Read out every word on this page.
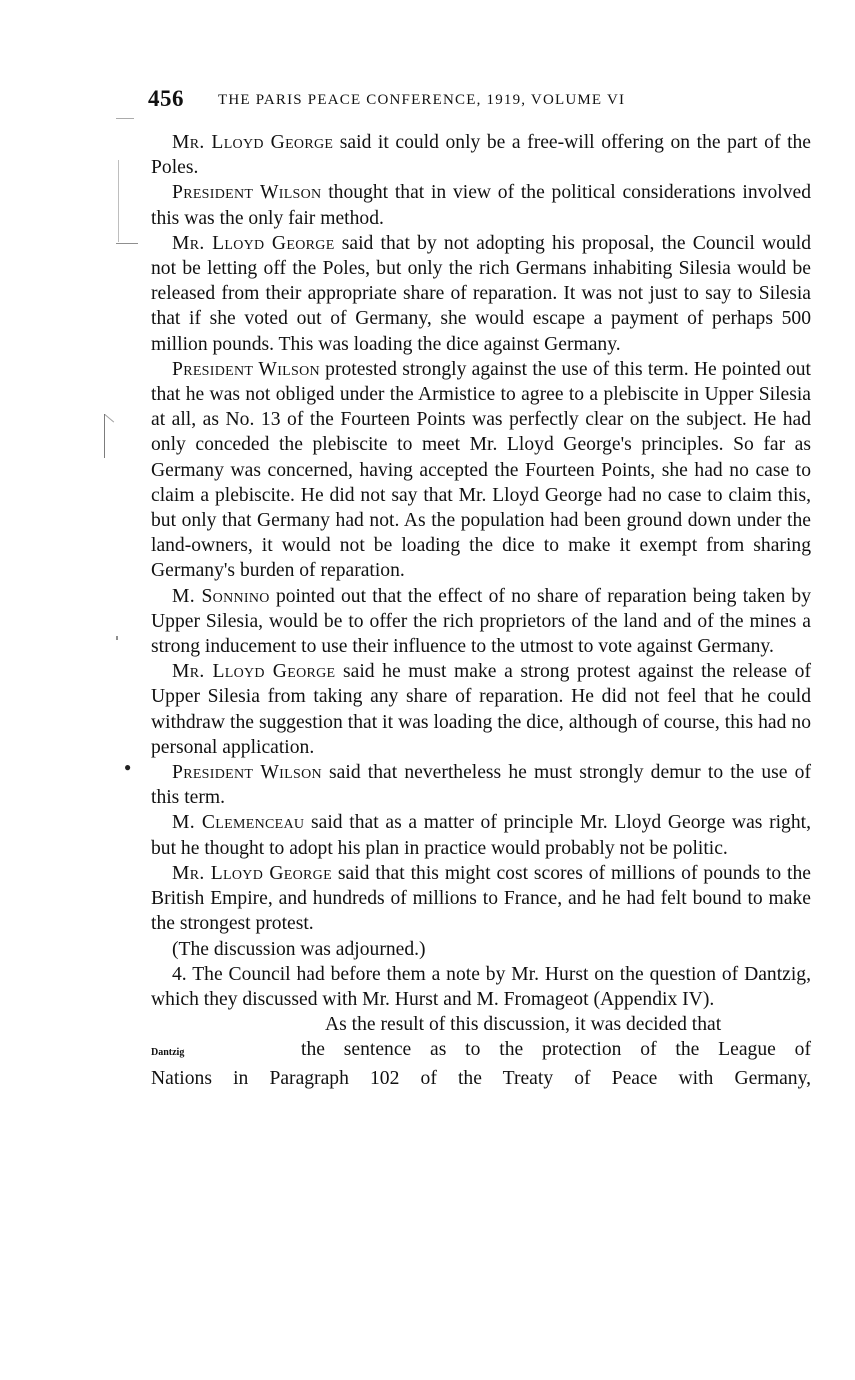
456 THE PARIS PEACE CONFERENCE, 1919, VOLUME VI
●

Mr. Lloyd George said it could only be a free-will offering on the part of the Poles.

President Wilson thought that in view of the political considerations involved this was the only fair method.

Mr. Lloyd George said that by not adopting his proposal, the Council would not be letting off the Poles, but only the rich Germans inhabiting Silesia would be released from their appropriate share of reparation. It was not just to say to Silesia that if she voted out of Germany, she would escape a payment of perhaps 500 million pounds. This was loading the dice against Germany.

President Wilson protested strongly against the use of this term. He pointed out that he was not obliged under the Armistice to agree to a plebiscite in Upper Silesia at all, as No. 13 of the Fourteen Points was perfectly clear on the subject. He had only conceded the plebiscite to meet Mr. Lloyd George's principles. So far as Germany was concerned, having accepted the Fourteen Points, she had no case to claim a plebiscite. He did not say that Mr. Lloyd George had no case to claim this, but only that Germany had not. As the population had been ground down under the land-owners, it would not be loading the dice to make it exempt from sharing Germany's burden of reparation.

M. Sonnino pointed out that the effect of no share of reparation being taken by Upper Silesia, would be to offer the rich proprietors of the land and of the mines a strong inducement to use their influence to the utmost to vote against Germany.

Mr. Lloyd George said he must make a strong protest against the release of Upper Silesia from taking any share of reparation. He did not feel that he could withdraw the suggestion that it was loading the dice, although of course, this had no personal application.

President Wilson said that nevertheless he must strongly demur to the use of this term.

M. Clemenceau said that as a matter of principle Mr. Lloyd George was right, but he thought to adopt his plan in practice would probably not be politic.

Mr. Lloyd George said that this might cost scores of millions of pounds to the British Empire, and hundreds of millions to France, and he had felt bound to make the strongest protest.

(The discussion was adjourned.)

4. The Council had before them a note by Mr. Hurst on the question of Dantzig, which they discussed with Mr. Hurst and M. Fromageot (Appendix IV).

As the result of this discussion, it was decided that

Dantzig	the sentence as to the protection of the League of

Nations in Paragraph 102 of the Treaty of Peace with Germany,
